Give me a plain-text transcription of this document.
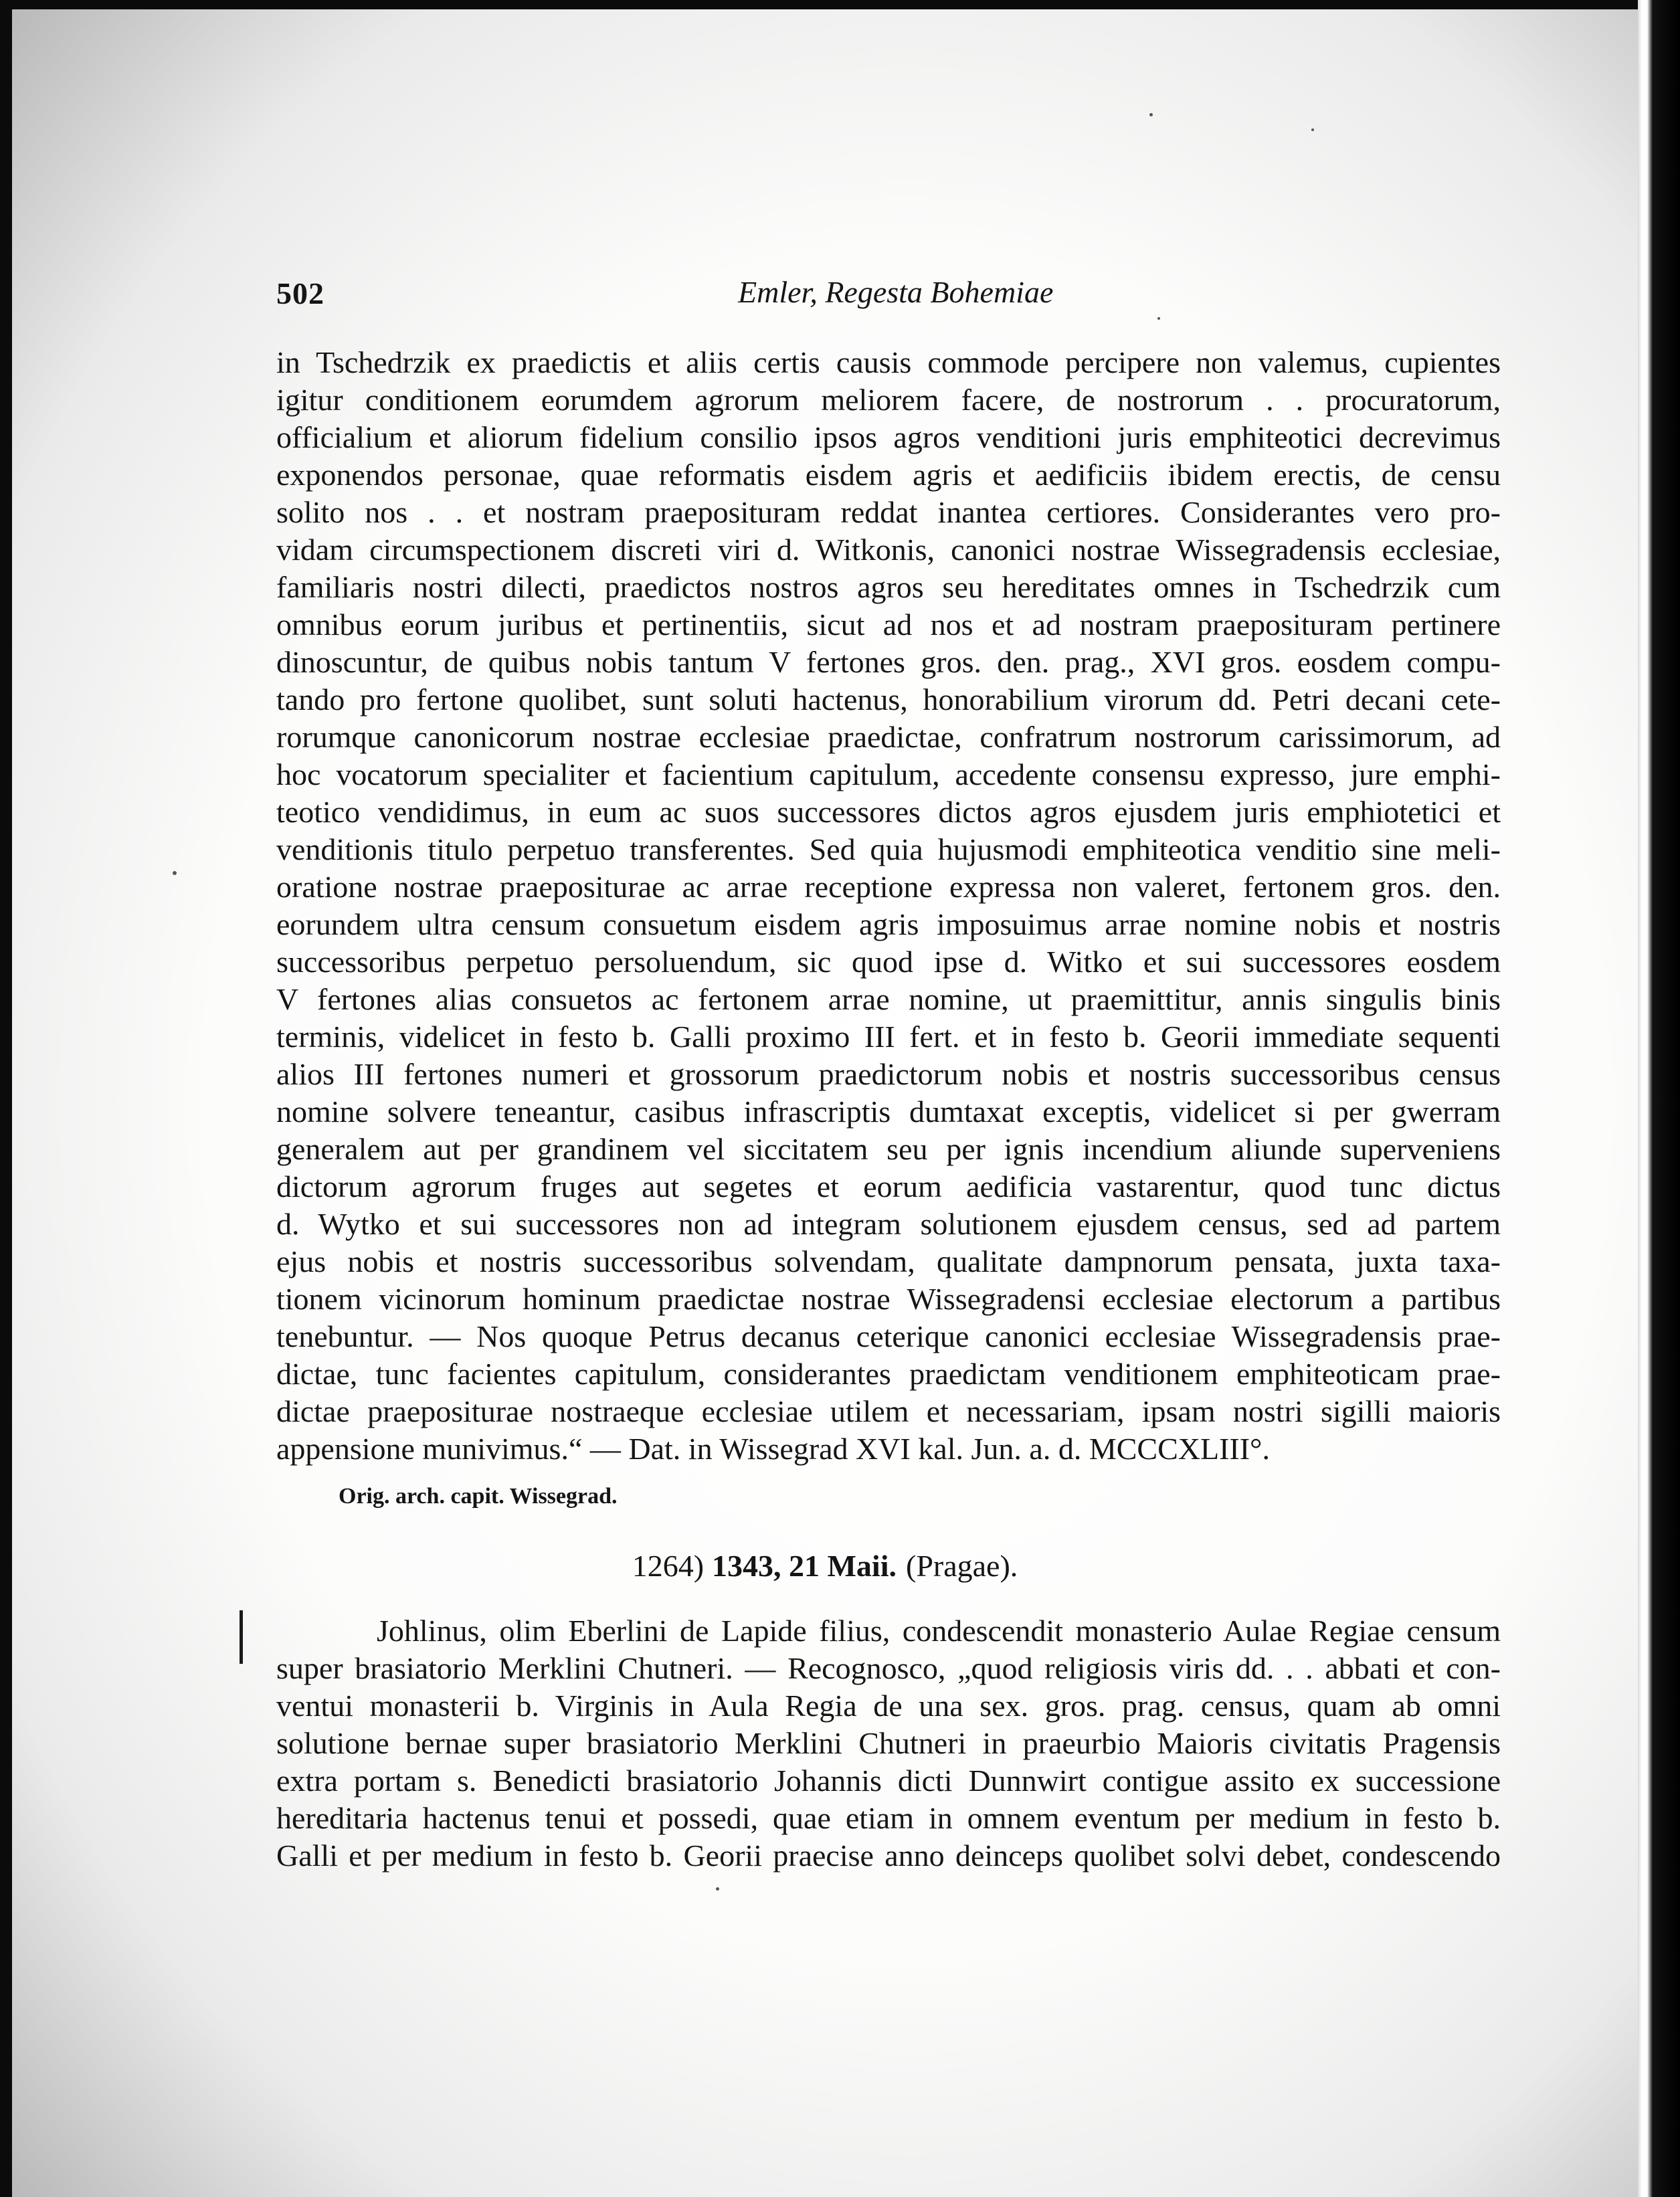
502	Emler, Regesta Bohemiae
in Tschedrzik ex praedictis et aliis certis causis commode percipere non valemus, cupientes
igitur conditionem eorumdem agrorum meliorem facere, de nostrorum . . procuratorum,
officialium et aliorum fidelium consilio ipsos agros venditioni juris emphiteotici decrevimus
exponendos personae, quae reformatis eisdem agris et aedificiis ibidem erectis, de censu
solito nos . . et nostram praeposituram reddat inantea certiores. Considerantes vero pro-
vidam circumspectionem discreti viri d. Witkonis, canonici nostrae Wissegradensis ecclesiae,
familiaris nostri dilecti, praedictos nostros agros seu hereditates omnes in Tschedrzik cum
omnibus eorum juribus et pertinentiis, sicut ad nos et ad nostram praeposituram pertinere
dinoscuntur, de quibus nobis tantum V fertones gros. den. prag., XVI gros. eosdem compu-
tando pro fertone quolibet, sunt soluti hactenus, honorabilium virorum dd. Petri decani cete-
rorumque canonicorum nostrae ecclesiae praedictae, confratrum nostrorum carissimorum, ad
hoc vocatorum specialiter et facientium capitulum, accedente consensu expresso, jure emphi-
teotico vendidimus, in eum ac suos successores dictos agros ejusdem juris emphiotetici et
venditionis titulo perpetuo transferentes. Sed quia hujusmodi emphiteotica venditio sine meli-
oratione nostrae praepositurae ac arrae receptione expressa non valeret, fertonem gros. den.
eorundem ultra censum consuetum eisdem agris imposuimus arrae nomine nobis et nostris
successoribus perpetuo persoluendum, sic quod ipse d. Witko et sui successores eosdem
V fertones alias consuetos ac fertonem arrae nomine, ut praemittitur, annis singulis binis
terminis, videlicet in festo b. Galli proximo III fert. et in festo b. Georii immediate sequenti
alios III fertones numeri et grossorum praedictorum nobis et nostris successoribus census
nomine solvere teneantur, casibus infrascriptis dumtaxat exceptis, videlicet si per gwerram
generalem aut per grandinem vel siccitatem seu per ignis incendium aliunde superveniens
dictorum agrorum fruges aut segetes et eorum aedificia vastarentur, quod tunc dictus
d. Wytko et sui successores non ad integram solutionem ejusdem census, sed ad partem
ejus nobis et nostris successoribus solvendam, qualitate dampnorum pensata, juxta taxa-
tionem vicinorum hominum praedictae nostrae Wissegradensi ecclesiae electorum a partibus
tenebuntur. — Nos quoque Petrus decanus ceterique canonici ecclesiae Wissegradensis prae-
dictae, tunc facientes capitulum, considerantes praedictam venditionem emphiteoticam prae-
dictae praepositurae nostraeque ecclesiae utilem et necessariam, ipsam nostri sigilli maioris
appensione munivimus.“ — Dat. in Wissegrad XVI kal. Jun. a. d. MCCCXLIII°.
Orig. arch. capit. Wissegrad.
1264) 1343, 21 Maii. (Pragae).
Johlinus, olim Eberlini de Lapide filius, condescendit monasterio Aulae Regiae censum
super brasiatorio Merklini Chutneri. — Recognosco, „quod religiosis viris dd. . . abbati et con-
ventui monasterii b. Virginis in Aula Regia de una sex. gros. prag. census, quam ab omni
solutione bernae super brasiatorio Merklini Chutneri in praeurbio Maioris civitatis Pragensis
extra portam s. Benedicti brasiatorio Johannis dicti Dunnwirt contigue assito ex successione
hereditaria hactenus tenui et possedi, quae etiam in omnem eventum per medium in festo b.
Galli et per medium in festo b. Georii praecise anno deinceps quolibet solvi debet, condescendo
